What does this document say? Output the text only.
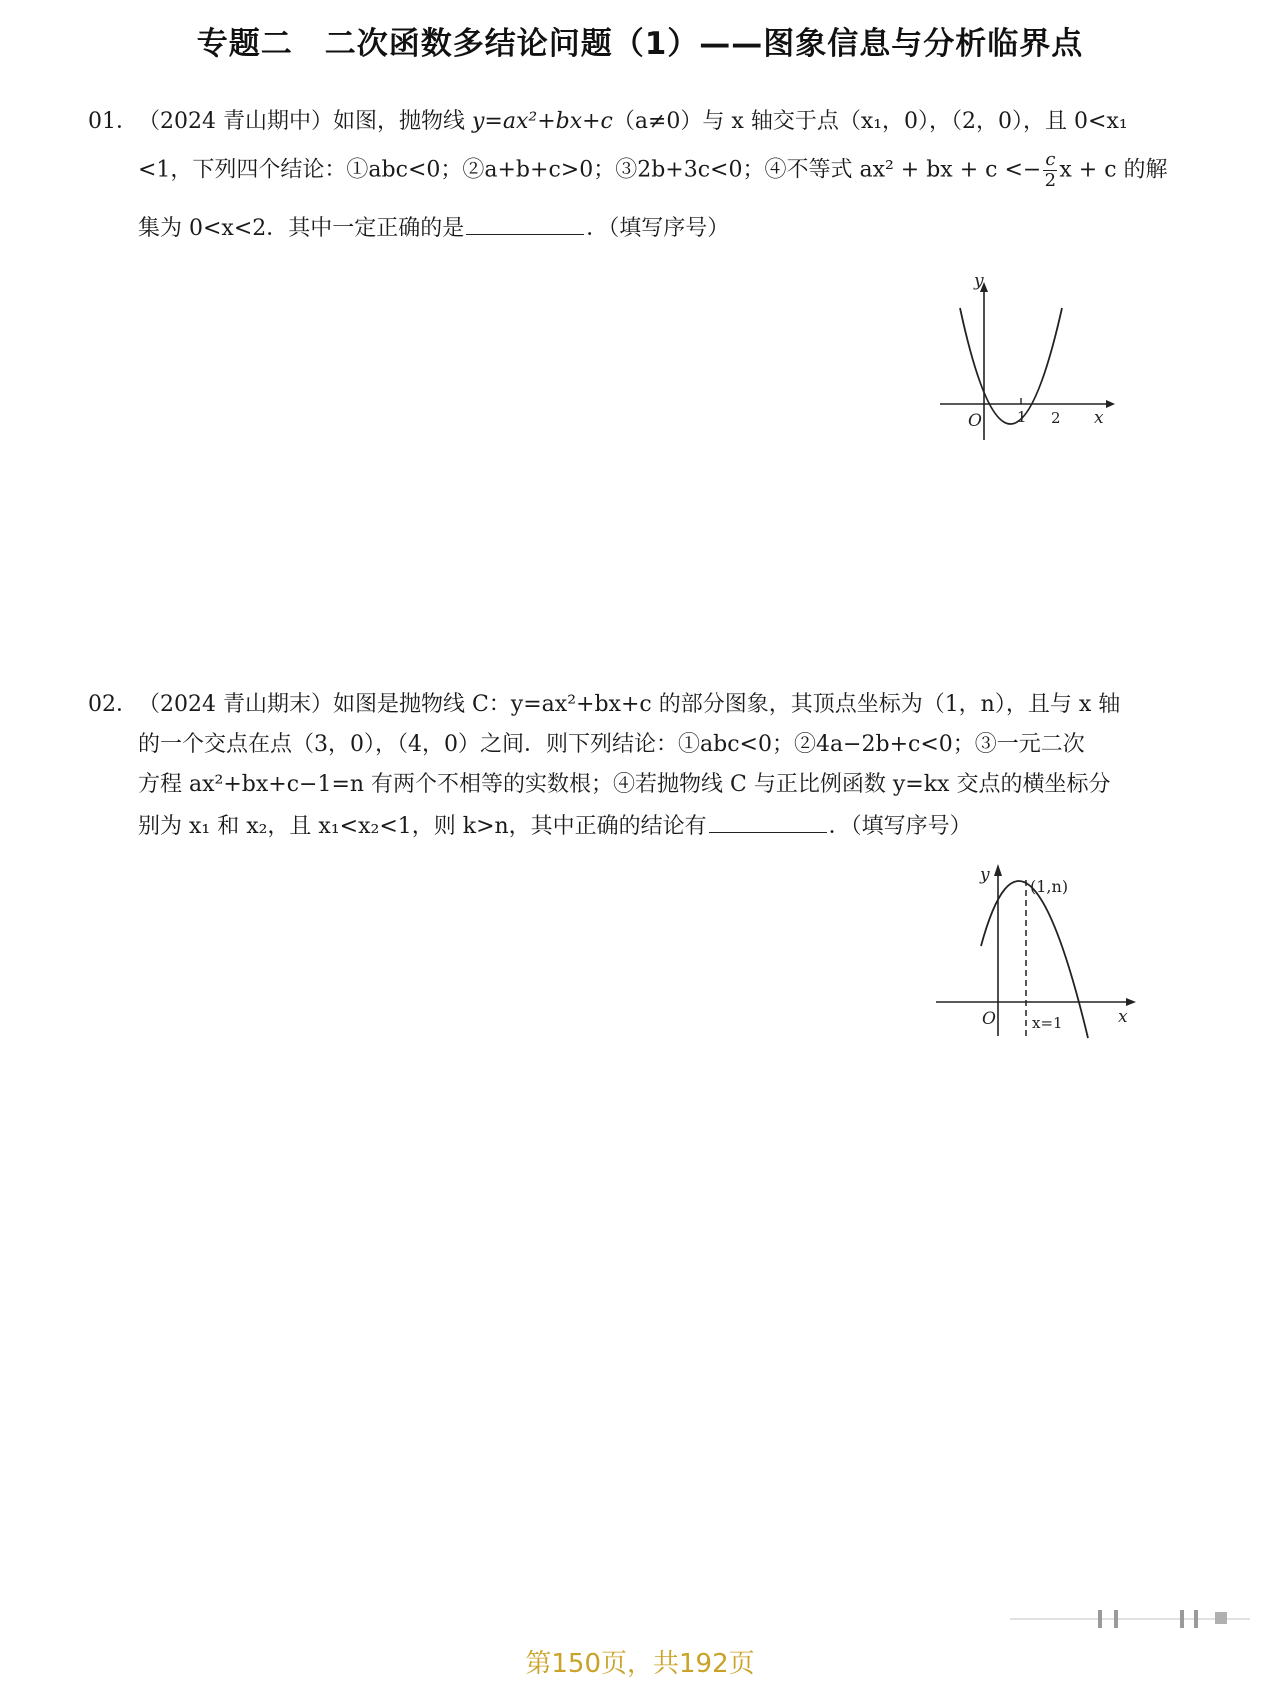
专题二　二次函数多结论问题（1）——图象信息与分析临界点
01．（2024 青山期中）如图，抛物线 y=ax²+bx+c（a≠0）与 x 轴交于点（x₁，0），（2，0），且 0<x₁
<1，下列四个结论：①abc<0；②a+b+c>0；③2b+3c<0；④不等式 ax² + bx + $c <- \frac{c}{2}$ x + c 的解
集为 0<x<2．其中一定正确的是	．（填写序号）
y
O 1 2 x
02．（2024 青山期末）如图是抛物线 C：y=ax²+bx+c 的部分图象，其顶点坐标为（1，n），且与 x 轴
的一个交点在点（3，0），（4，0）之间．则下列结论：①abc<0；②4a−2b+c<0；③一元二次
方程 ax²+bx+c−1=n 有两个不相等的实数根；④若抛物线 C 与正比例函数 y=kx 交点的横坐标分
别为 x₁ 和 x₂，且 x₁<x₂<1，则 k>n，其中正确的结论有	．（填写序号）
y
(1,n)
O x=1	x
第150页，共192页
